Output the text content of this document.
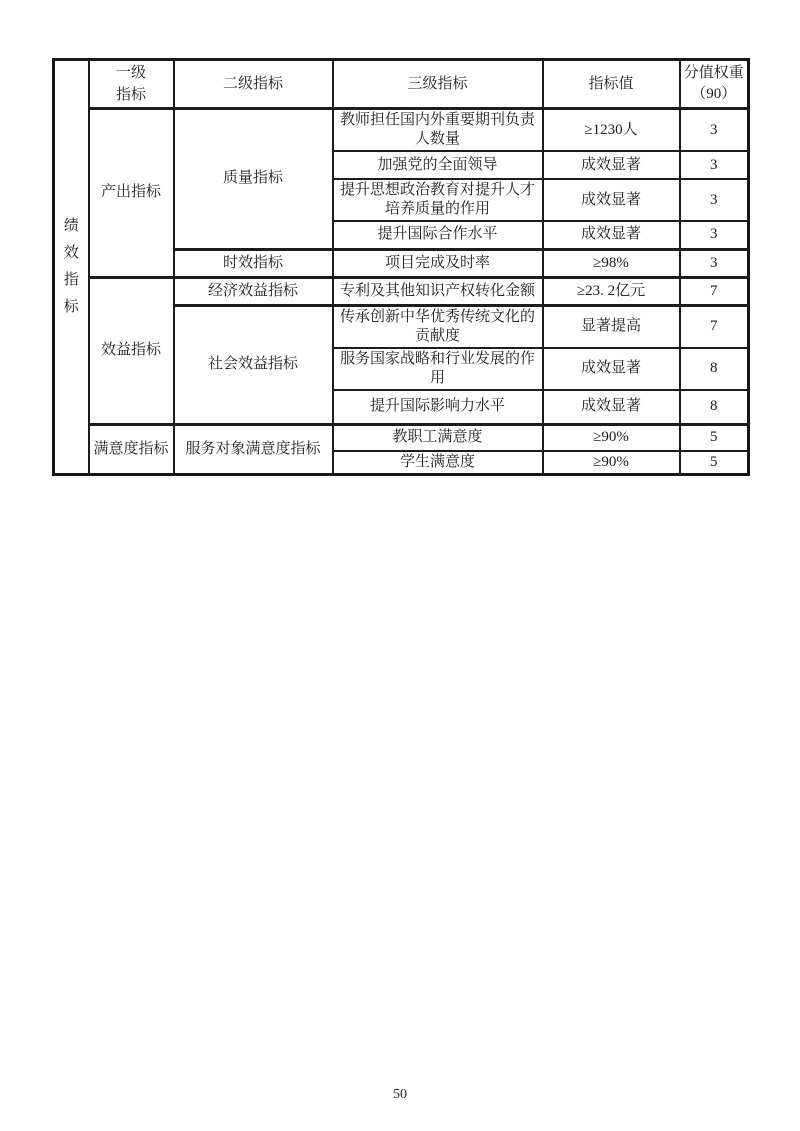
绩效指标	一级指标	二级指标	三级指标	指标值	分值权重（90）
	产出指标	质量指标	教师担任国内外重要期刊负责人数量	≥1230人	3
			加强党的全面领导	成效显著	3
			提升思想政治教育对提升人才培养质量的作用	成效显著	3
			提升国际合作水平	成效显著	3
		时效指标	项目完成及时率	≥98%	3
	效益指标	经济效益指标	专利及其他知识产权转化金额	≥23. 2亿元	7
		社会效益指标	传承创新中华优秀传统文化的贡献度	显著提高	7
			服务国家战略和行业发展的作用	成效显著	8
			提升国际影响力水平	成效显著	8
	满意度指标	服务对象满意度指标	教职工满意度	≥90%	5
			学生满意度	≥90%	5
50
